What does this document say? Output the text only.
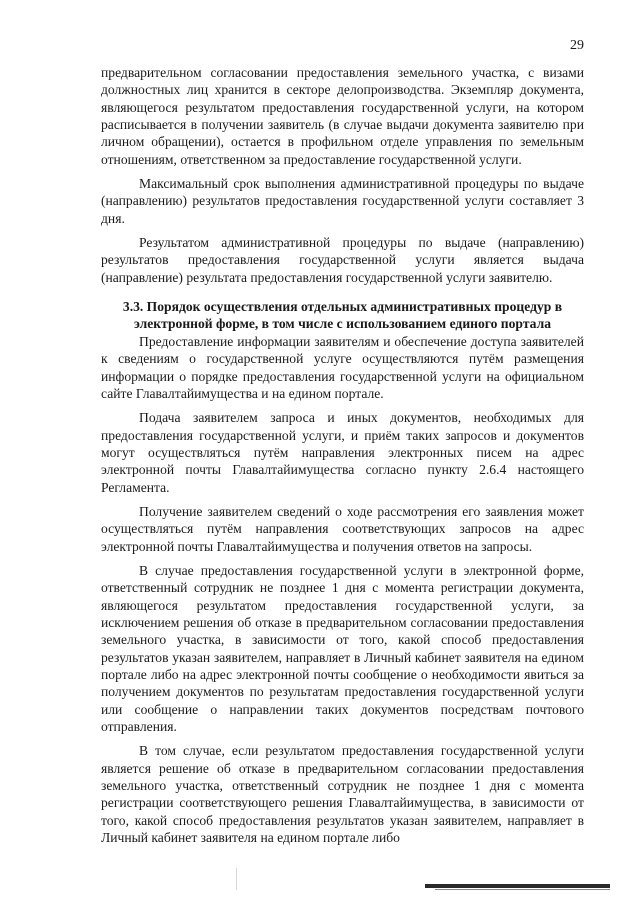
29

предварительном согласовании предоставления земельного участка, с визами должностных лиц хранится в секторе делопроизводства. Экземпляр документа, являющегося результатом предоставления государственной услуги, на котором расписывается в получении заявитель (в случае выдачи документа заявителю при личном обращении), остается в профильном отделе управления по земельным отношениям, ответственном за предоставление государственной услуги.

Максимальный срок выполнения административной процедуры по выдаче (направлению) результатов предоставления государственной услуги составляет 3 дня.

Результатом административной процедуры по выдаче (направлению) результатов предоставления государственной услуги является выдача (направление) результата предоставления государственной услуги заявителю.

3.3. Порядок осуществления отдельных административных процедур в электронной форме, в том числе с использованием единого портала

Предоставление информации заявителям и обеспечение доступа заявителей к сведениям о государственной услуге осуществляются путём размещения информации о порядке предоставления государственной услуги на официальном сайте Главалтайимущества и на едином портале.

Подача заявителем запроса и иных документов, необходимых для предоставления государственной услуги, и приём таких запросов и документов могут осуществляться путём направления электронных писем на адрес электронной почты Главалтайимущества согласно пункту 2.6.4 настоящего Регламента.

Получение заявителем сведений о ходе рассмотрения его заявления может осуществляться путём направления соответствующих запросов на адрес электронной почты Главалтайимущества и получения ответов на запросы.

В случае предоставления государственной услуги в электронной форме, ответственный сотрудник не позднее 1 дня с момента регистрации документа, являющегося результатом предоставления государственной услуги, за исключением решения об отказе в предварительном согласовании предоставления земельного участка, в зависимости от того, какой способ предоставления результатов указан заявителем, направляет в Личный кабинет заявителя на едином портале либо на адрес электронной почты сообщение о необходимости явиться за получением документов по результатам предоставления государственной услуги или сообщение о направлении таких документов посредствам почтового отправления.

В том случае, если результатом предоставления государственной услуги является решение об отказе в предварительном согласовании предоставления земельного участка, ответственный сотрудник не позднее 1 дня с момента регистрации соответствующего решения Главалтайимущества, в зависимости от того, какой способ предоставления результатов указан заявителем, направляет в Личный кабинет заявителя на едином портале либо
